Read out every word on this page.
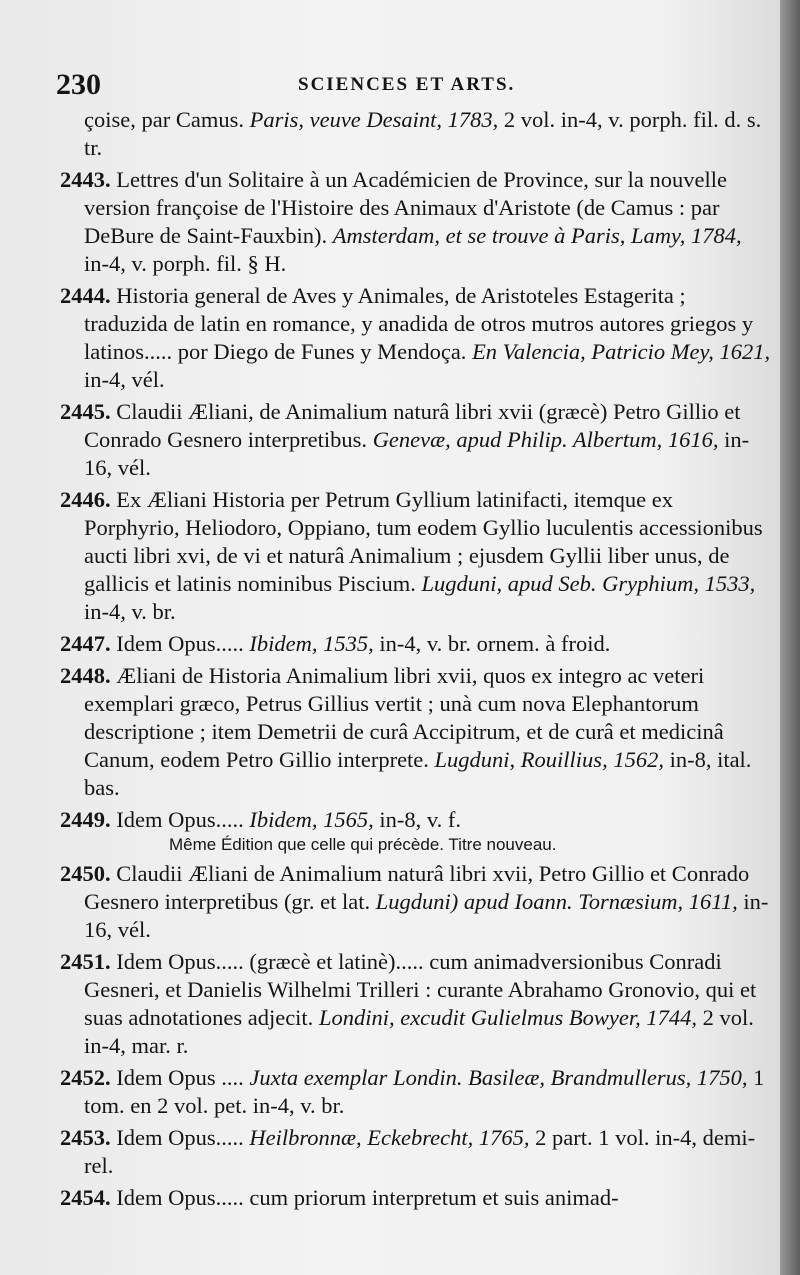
230	SCIENCES ET ARTS.
çoise, par Camus. Paris, veuve Desaint, 1783, 2 vol. in-4, v. porph. fil. d. s. tr.
2443. Lettres d'un Solitaire à un Académicien de Province, sur la nouvelle version françoise de l'Histoire des Animaux d'Aristote (de Camus : par DeBure de Saint-Fauxbin). Amsterdam, et se trouve à Paris, Lamy, 1784, in-4, v. porph. fil. § H.
2444. Historia general de Aves y Animales, de Aristoteles Estagerita ; traduzida de latin en romance, y anadida de otros mutros autores griegos y latinos..... por Diego de Funes y Mendoça. En Valencia, Patricio Mey, 1621, in-4, vél.
2445. Claudii Æliani, de Animalium naturâ libri xvii (græcè) Petro Gillio et Conrado Gesnero interpretibus. Genevæ, apud Philip. Albertum, 1616, in-16, vél.
2446. Ex Æliani Historia per Petrum Gyllium latinifacti, itemque ex Porphyrio, Heliodoro, Oppiano, tum eodem Gyllio luculentis accessionibus aucti libri xvi, de vi et naturâ Animalium ; ejusdem Gyllii liber unus, de gallicis et latinis nominibus Piscium. Lugduni, apud Seb. Gryphium, 1533, in-4, v. br.
2447. Idem Opus..... Ibidem, 1535, in-4, v. br. ornem. à froid.
2448. Æliani de Historia Animalium libri xvii, quos ex integro ac veteri exemplari græco, Petrus Gillius vertit ; unà cum nova Elephantorum descriptione ; item Demetrii de curâ Accipitrum, et de curâ et medicinâ Canum, eodem Petro Gillio interprete. Lugduni, Rouillius, 1562, in-8, ital. bas.
2449. Idem Opus..... Ibidem, 1565, in-8, v. f.
Même Édition que celle qui précède. Titre nouveau.
2450. Claudii Æliani de Animalium naturâ libri xvii, Petro Gillio et Conrado Gesnero interpretibus (gr. et lat. Lugduni) apud Ioann. Tornæsium, 1611, in-16, vél.
2451. Idem Opus..... (græcè et latinè)..... cum animadversionibus Conradi Gesneri, et Danielis Wilhelmi Trilleri : curante Abrahamo Gronovio, qui et suas adnotationes adjecit. Londini, excudit Gulielmus Bowyer, 1744, 2 vol. in-4, mar. r.
2452. Idem Opus .... Juxta exemplar Londin. Basileæ, Brandmullerus, 1750, 1 tom. en 2 vol. pet. in-4, v. br.
2453. Idem Opus..... Heilbronnæ, Eckebrecht, 1765, 2 part. 1 vol. in-4, demi-rel.
2454. Idem Opus..... cum priorum interpretum et suis animad-
